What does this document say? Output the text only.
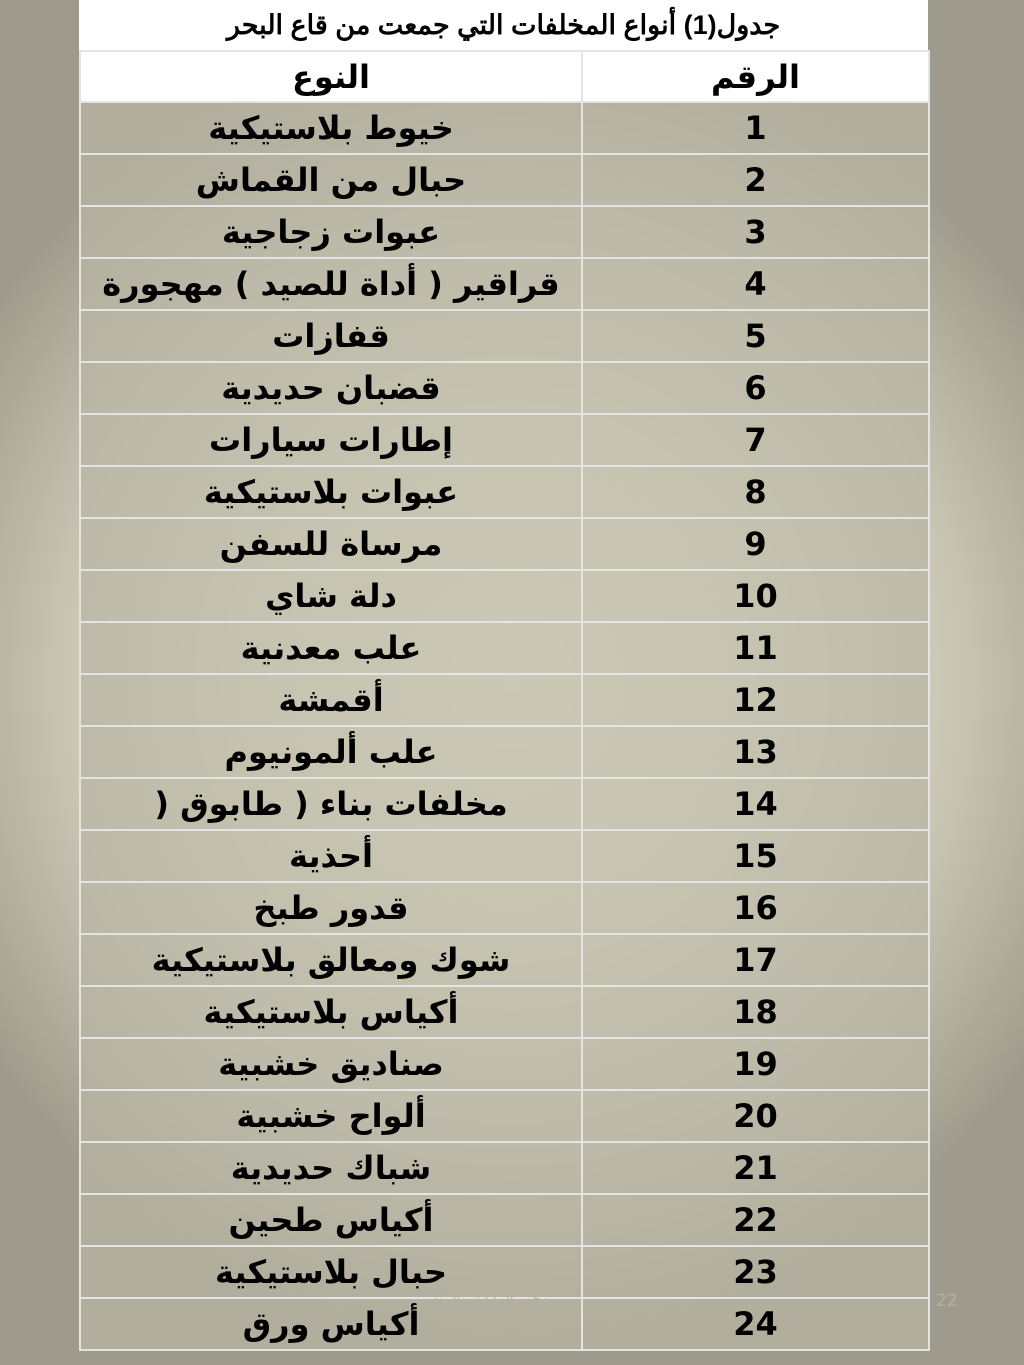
جدول(1) أنواع المخلفات التي جمعت من قاع البحر
النوع	الرقم
خيوط بلاستيكية	1
حبال من القماش	2
عبوات زجاجية	3
قراقير ( أداة للصيد ) مهجورة	4
قفازات	5
قضبان حديدية	6
إطارات سيارات	7
عبوات بلاستيكية	8
مرساة للسفن	9
دلة شاي	10
علب معدنية	11
أقمشة	12
علب ألمونيوم	13
مخلفات بناء ( طابوق (	14
أحذية	15
قدور طبخ	16
شوك ومعالق بلاستيكية	17
أكياس بلاستيكية	18
صناديق خشبية	19
ألواح خشبية	20
شباك حديدية	21
أكياس طحين	22
حبال بلاستيكية	23
أكياس ورق	24
محور النباتات والبيئة	22
